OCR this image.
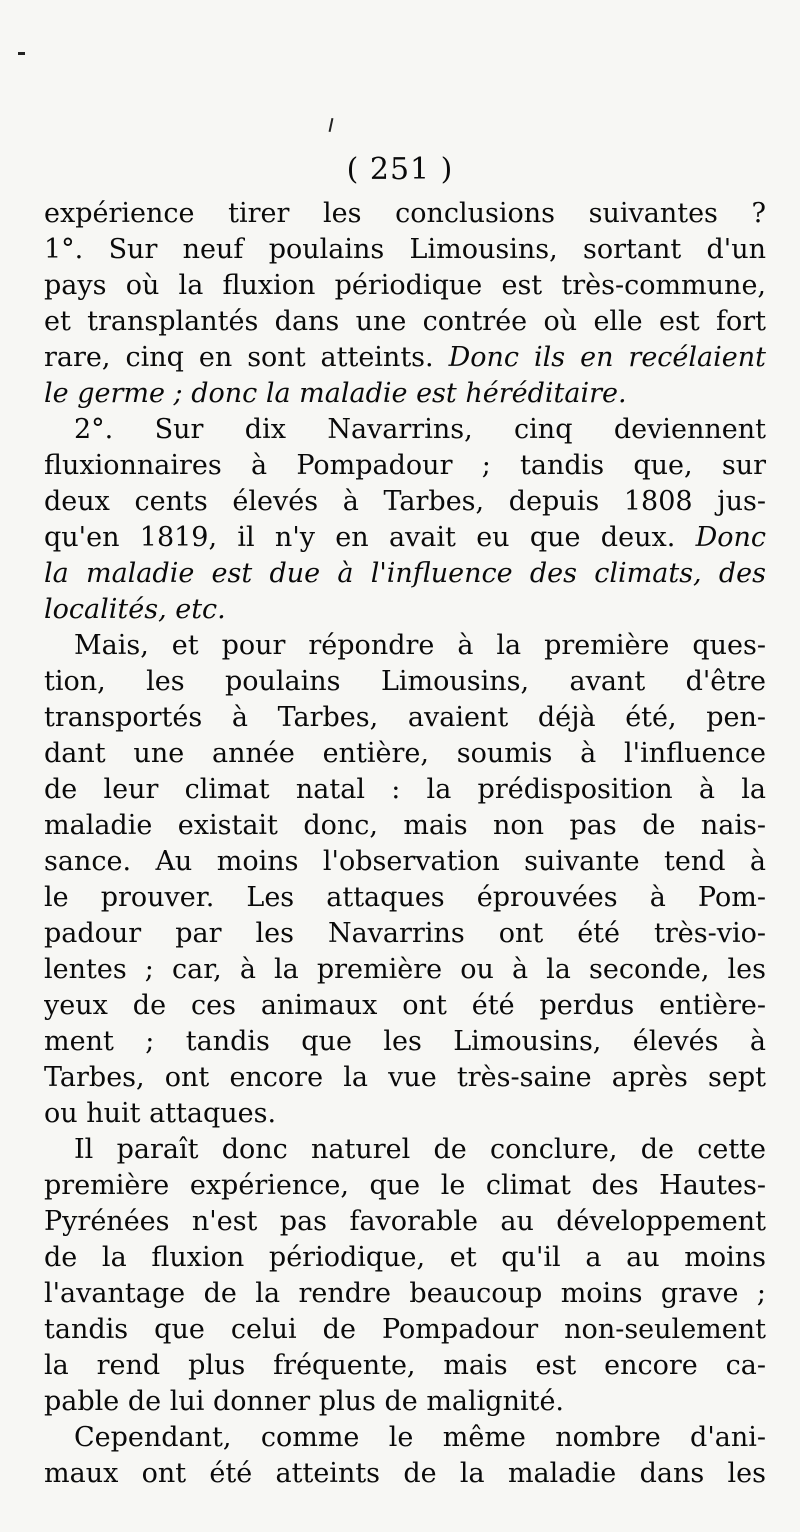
( 251 )
expérience tirer les conclusions suivantes ?
1°. Sur neuf poulains Limousins, sortant d'un
pays où la fluxion périodique est très-commune,
et transplantés dans une contrée où elle est fort
rare, cinq en sont atteints. Donc ils en recélaient
le germe ; donc la maladie est héréditaire.
2°. Sur dix Navarrins, cinq deviennent
fluxionnaires à Pompadour ; tandis que, sur
deux cents élevés à Tarbes, depuis 1808 jus-
qu'en 1819, il n'y en avait eu que deux. Donc
la maladie est due à l'influence des climats, des
localités, etc.
Mais, et pour répondre à la première ques-
tion, les poulains Limousins, avant d'être
transportés à Tarbes, avaient déjà été, pen-
dant une année entière, soumis à l'influence
de leur climat natal : la prédisposition à la
maladie existait donc, mais non pas de nais-
sance. Au moins l'observation suivante tend à
le prouver. Les attaques éprouvées à Pom-
padour par les Navarrins ont été très-vio-
lentes ; car, à la première ou à la seconde, les
yeux de ces animaux ont été perdus entière-
ment ; tandis que les Limousins, élevés à
Tarbes, ont encore la vue très-saine après sept
ou huit attaques.
Il paraît donc naturel de conclure, de cette
première expérience, que le climat des Hautes-
Pyrénées n'est pas favorable au développement
de la fluxion périodique, et qu'il a au moins
l'avantage de la rendre beaucoup moins grave ;
tandis que celui de Pompadour non-seulement
la rend plus fréquente, mais est encore ca-
pable de lui donner plus de malignité.
Cependant, comme le même nombre d'ani-
maux ont été atteints de la maladie dans les
